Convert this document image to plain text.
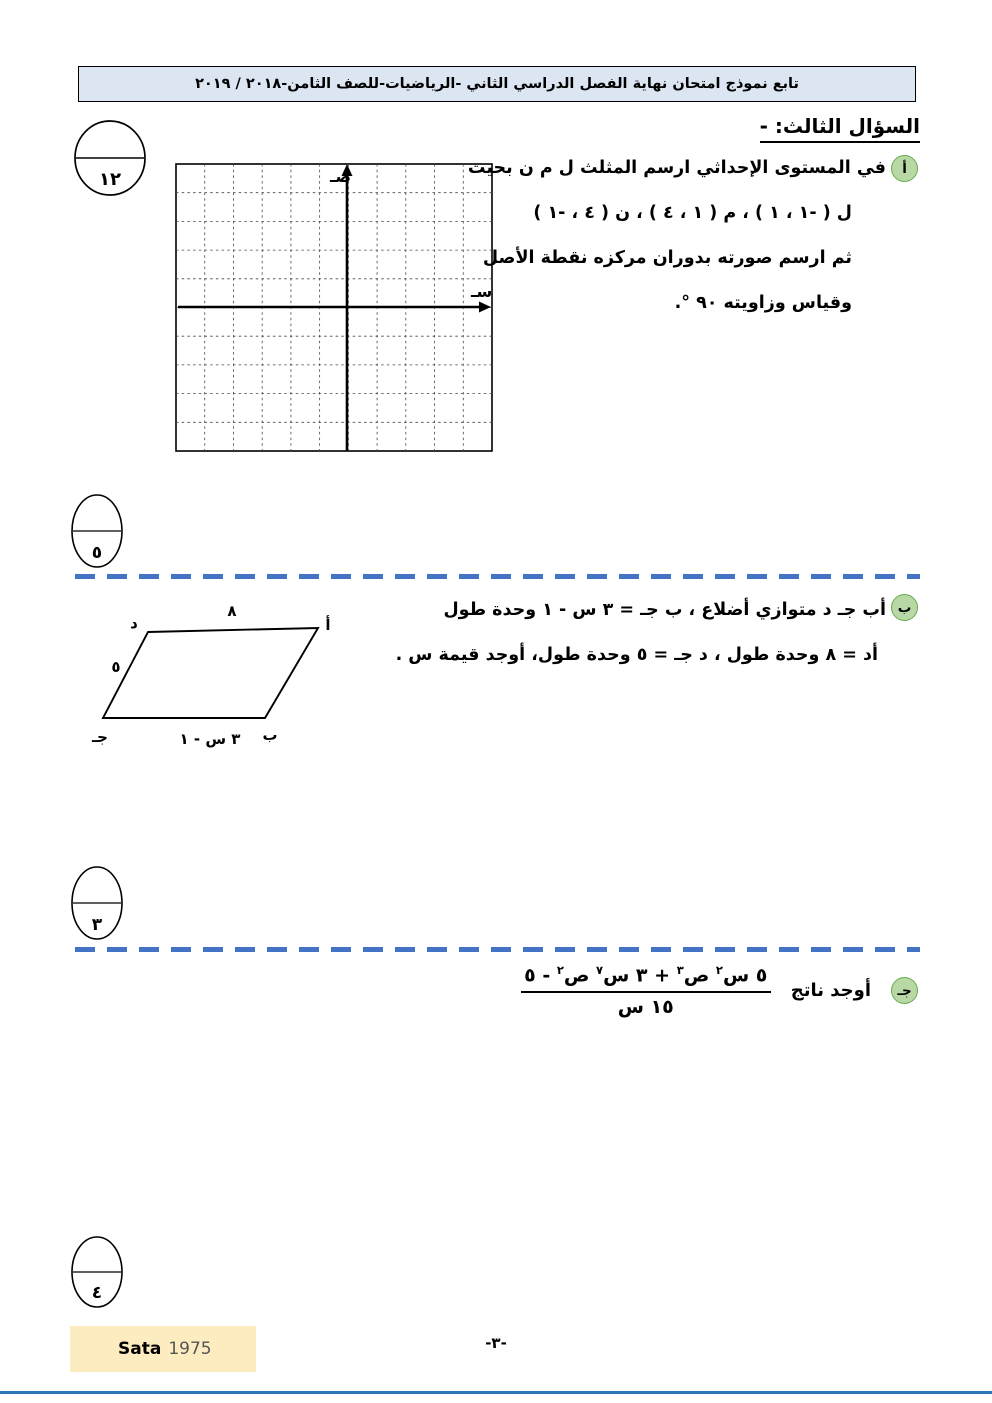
تابع نموذج امتحان نهاية الفصل الدراسي الثاني -الرياضيات-للصف الثامن-٢٠١٨ / ٢٠١٩
السؤال الثالث: -
أ
في المستوى الإحداثي ارسم المثلث ل م ن بحيث
ل ( -١ ، ١ ) ، م ( ١ ، ٤ ) ، ن ( ٤ ، -١ )
ثم ارسم صورته بدوران مركزه نقطة الأصل
وقياس وزاويته ٩٠ °.
١٢	صـ
سـ
٥
ب
أب جـ د متوازي أضلاع ، ب جـ = ٣ س - ١ وحدة طول
أد = ٨ وحدة طول ، د جـ = ٥ وحدة طول، أوجد قيمة س .
د	أ
٨
٥
جـ	ب
٣ س - ١
٣
جـ
أوجد ناتج
$\frac{٥ س^٢ ص^٣ + ٣ س^٧ ص^٢ - ٥}{\text{١٥ س}}$
٤
Sata 1975	-٣-
